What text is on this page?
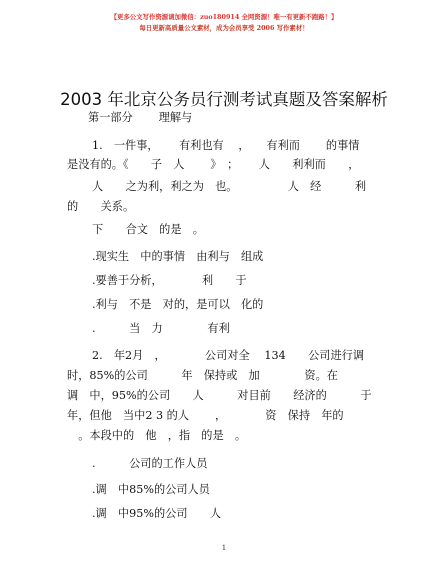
【更多公文写作资源请加微信：zuo180914 全网资源！唯一有更新不跑路！】
每日更新高质量公文素材，成为会员享受 2006 写作素材！
2003 年北京公务员行测考试真题及答案解析
第一部分　　 理解与
1.　一件事，　　 有利也有　 ，　　有利而　　 的事情
是没有的。《　　子　人　　 》　；　　 人　　利利而　　，
人　　之为利，利之为　也。　　　　　人　经　　　利
的　　关系。
下　　合文　的是　。
.现实生　中的事情　由利与　组成
.要善于分析，　　　　利　　于
.利与　不是　对的，是可以　化的
.　　　当　力　　　　有利
2.　年2月　，　　　　公司对全　 134　　公司进行调
时，85%的公司　　　年　保持或　加　　　　资。在
调　中，95%的公司　　人　　　对目前　　经济的　　　于
年，但他　当中2 3 的人　　 ，　　　　资　保持　年的
　。本段中的　他　，指　的是　。
.　　　公司的工作人员
.调　中85%的公司人员
.调　中95%的公司　　人
1
